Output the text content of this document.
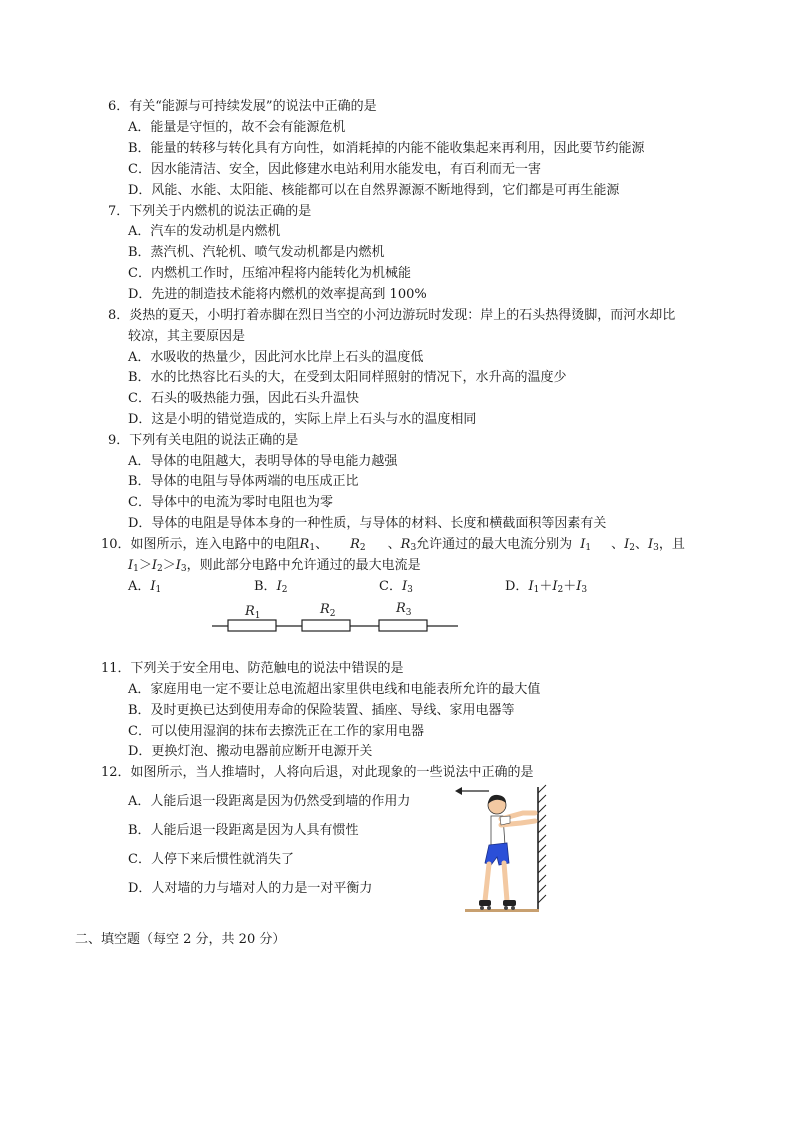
6．有关“能源与可持续发展”的说法中正确的是
A．能量是守恒的，故不会有能源危机
B．能量的转移与转化具有方向性，如消耗掉的内能不能收集起来再利用，因此要节约能源
C．因水能清洁、安全，因此修建水电站利用水能发电，有百利而无一害
D．风能、水能、太阳能、核能都可以在自然界源源不断地得到，它们都是可再生能源
7．下列关于内燃机的说法正确的是
A．汽车的发动机是内燃机
B．蒸汽机、汽轮机、喷气发动机都是内燃机
C．内燃机工作时，压缩冲程将内能转化为机械能
D．先进的制造技术能将内燃机的效率提高到 100%
8．炎热的夏天，小明打着赤脚在烈日当空的小河边游玩时发现：岸上的石头热得烫脚，而河水却比
较凉，其主要原因是
A．水吸收的热量少，因此河水比岸上石头的温度低
B．水的比热容比石头的大，在受到太阳同样照射的情况下，水升高的温度少
C．石头的吸热能力强，因此石头升温快
D．这是小明的错觉造成的，实际上岸上石头与水的温度相同
9．下列有关电阻的说法正确的是
A．导体的电阻越大，表明导体的导电能力越强
B．导体的电阻与导体两端的电压成正比
C．导体中的电流为零时电阻也为零
D．导体的电阻是导体本身的一种性质，与导体的材料、长度和横截面积等因素有关
10．如图所示，连入电路中的电阻$R_1$、 $R_2$ 、$R_3$允许通过的最大电流分别为 $I_1$ 、$I_2$、$I_3$，且
$I_1>I_2>I_3$，则此部分电路中允许通过的最大电流是
A．$I_1$	B．$I_2$	C．$I_3$	D．$I_1+I_2+I_3$
$R_1$	$R_2$	$R_3$
11．下列关于安全用电、防范触电的说法中错误的是
A．家庭用电一定不要让总电流超出家里供电线和电能表所允许的最大值
B．及时更换已达到使用寿命的保险装置、插座、导线、家用电器等
C．可以使用湿润的抹布去擦洗正在工作的家用电器
D．更换灯泡、搬动电器前应断开电源开关
12．如图所示，当人推墙时，人将向后退，对此现象的一些说法中正确的是
A．人能后退一段距离是因为仍然受到墙的作用力
B．人能后退一段距离是因为人具有惯性
C．人停下来后惯性就消失了
D．人对墙的力与墙对人的力是一对平衡力
二、填空题（每空 2 分，共 20 分）
